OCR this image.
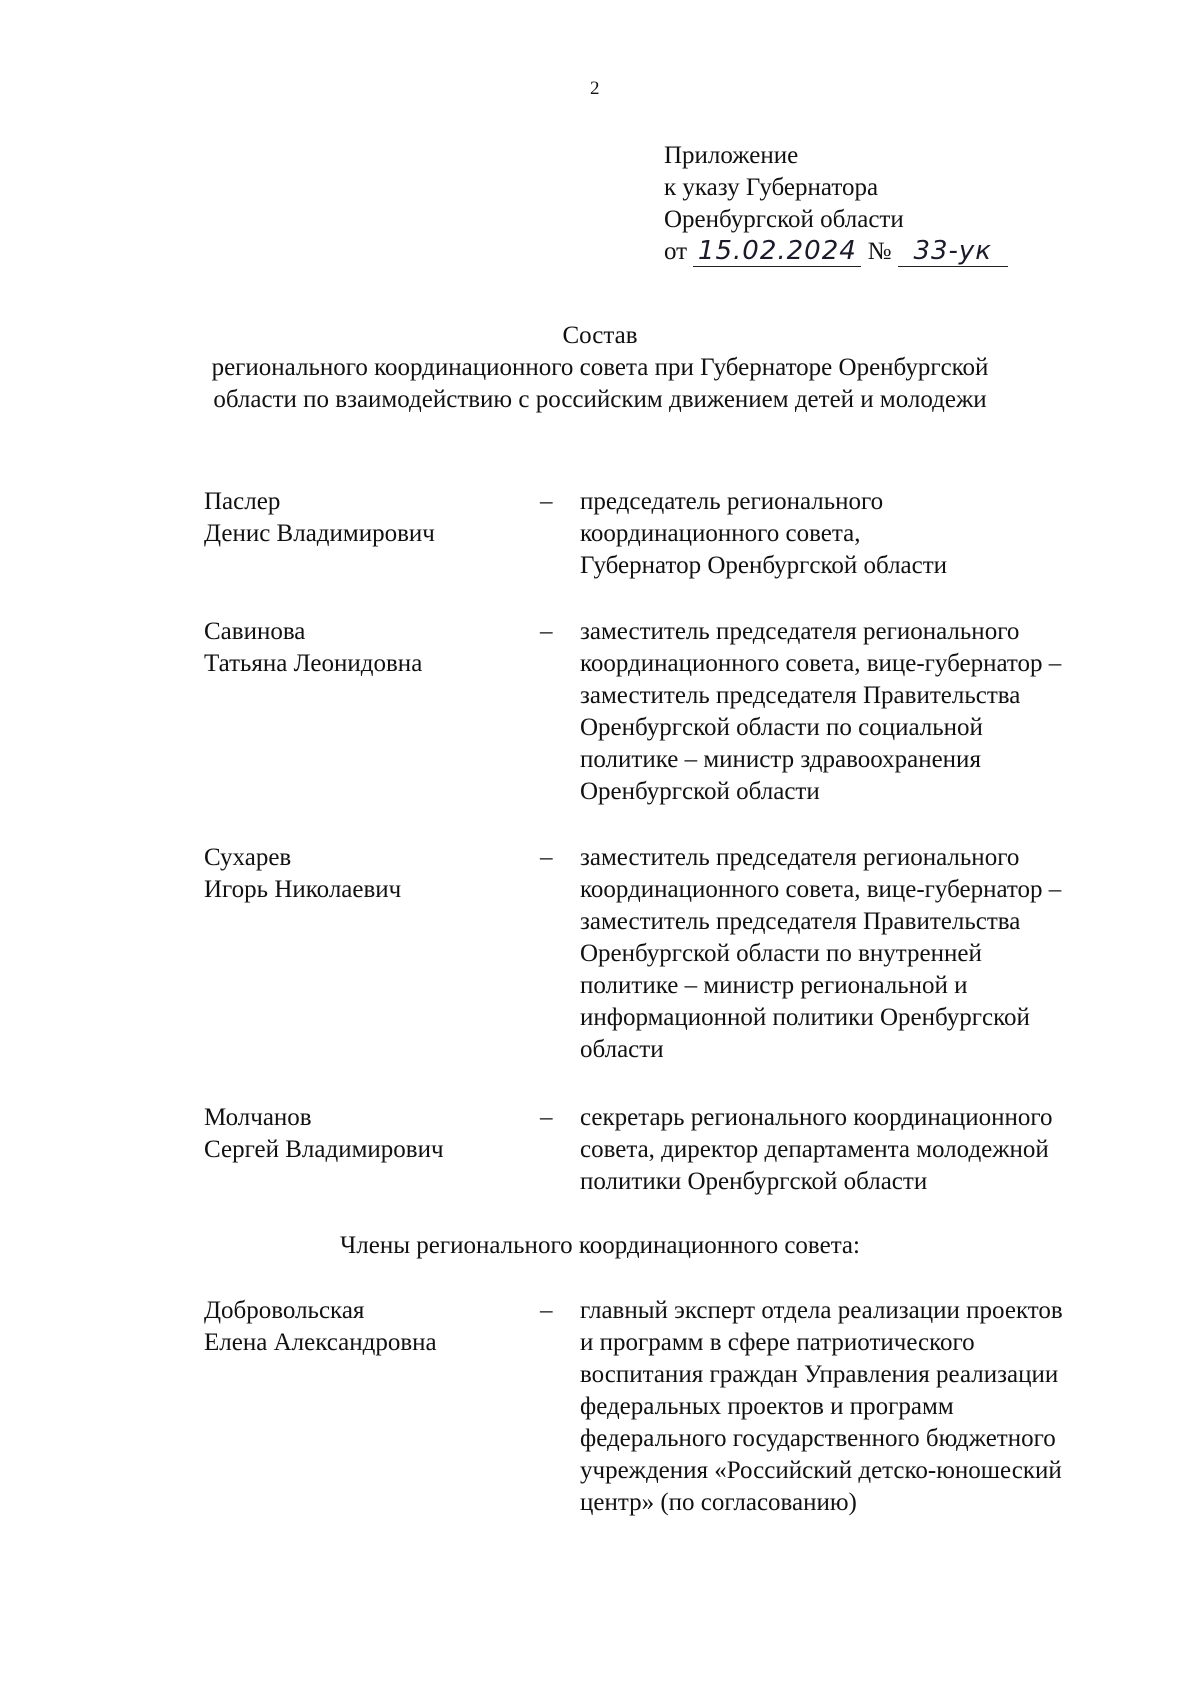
2
Приложение
к указу Губернатора
Оренбургской области
от 15.02.2024 № 33-ук
Состав
регионального координационного совета при Губернаторе Оренбургской
области по взаимодействию с российским движением детей и молодежи
Паслер
Денис Владимирович
– председатель регионального
координационного совета,
Губернатор Оренбургской области
Савинова
Татьяна Леонидовна
– заместитель председателя регионального
координационного совета, вице-губернатор –
заместитель председателя Правительства
Оренбургской области по социальной
политике – министр здравоохранения
Оренбургской области
Сухарев
Игорь Николаевич
– заместитель председателя регионального
координационного совета, вице-губернатор –
заместитель председателя Правительства
Оренбургской области по внутренней
политике – министр региональной и
информационной политики Оренбургской
области
Молчанов
Сергей Владимирович
– секретарь регионального координационного
совета, директор департамента молодежной
политики Оренбургской области
Члены регионального координационного совета:
Добровольская
Елена Александровна
– главный эксперт отдела реализации проектов
и программ в сфере патриотического
воспитания граждан Управления реализации
федеральных проектов и программ
федерального государственного бюджетного
учреждения «Российский детско-юношеский
центр» (по согласованию)
